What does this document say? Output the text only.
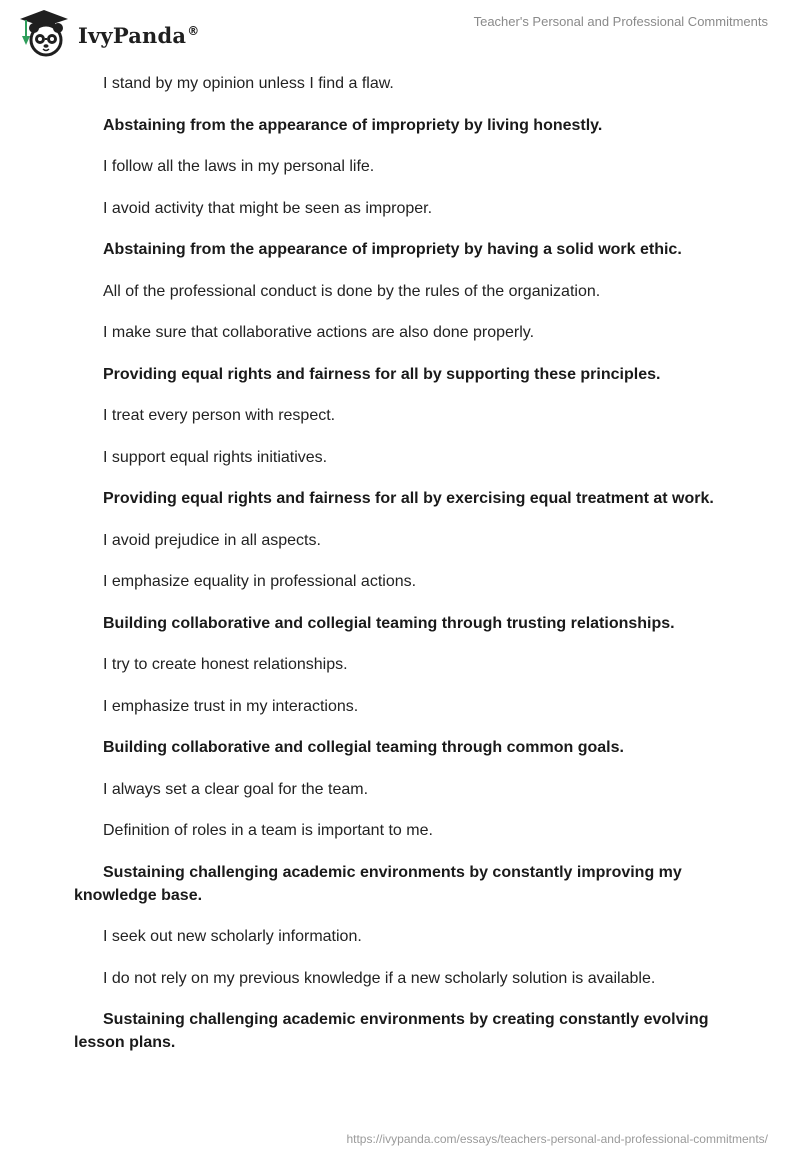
IvyPanda®
Teacher's Personal and Professional Commitments

I stand by my opinion unless I find a flaw.

Abstaining from the appearance of impropriety by living honestly.

I follow all the laws in my personal life.

I avoid activity that might be seen as improper.

Abstaining from the appearance of impropriety by having a solid work ethic.

All of the professional conduct is done by the rules of the organization.

I make sure that collaborative actions are also done properly.

Providing equal rights and fairness for all by supporting these principles.

I treat every person with respect.

I support equal rights initiatives.

Providing equal rights and fairness for all by exercising equal treatment at work.

I avoid prejudice in all aspects.

I emphasize equality in professional actions.

Building collaborative and collegial teaming through trusting relationships.

I try to create honest relationships.

I emphasize trust in my interactions.

Building collaborative and collegial teaming through common goals.

I always set a clear goal for the team.

Definition of roles in a team is important to me.

Sustaining challenging academic environments by constantly improving my knowledge base.

I seek out new scholarly information.

I do not rely on my previous knowledge if a new scholarly solution is available.

Sustaining challenging academic environments by creating constantly evolving lesson plans.

https://ivypanda.com/essays/teachers-personal-and-professional-commitments/
